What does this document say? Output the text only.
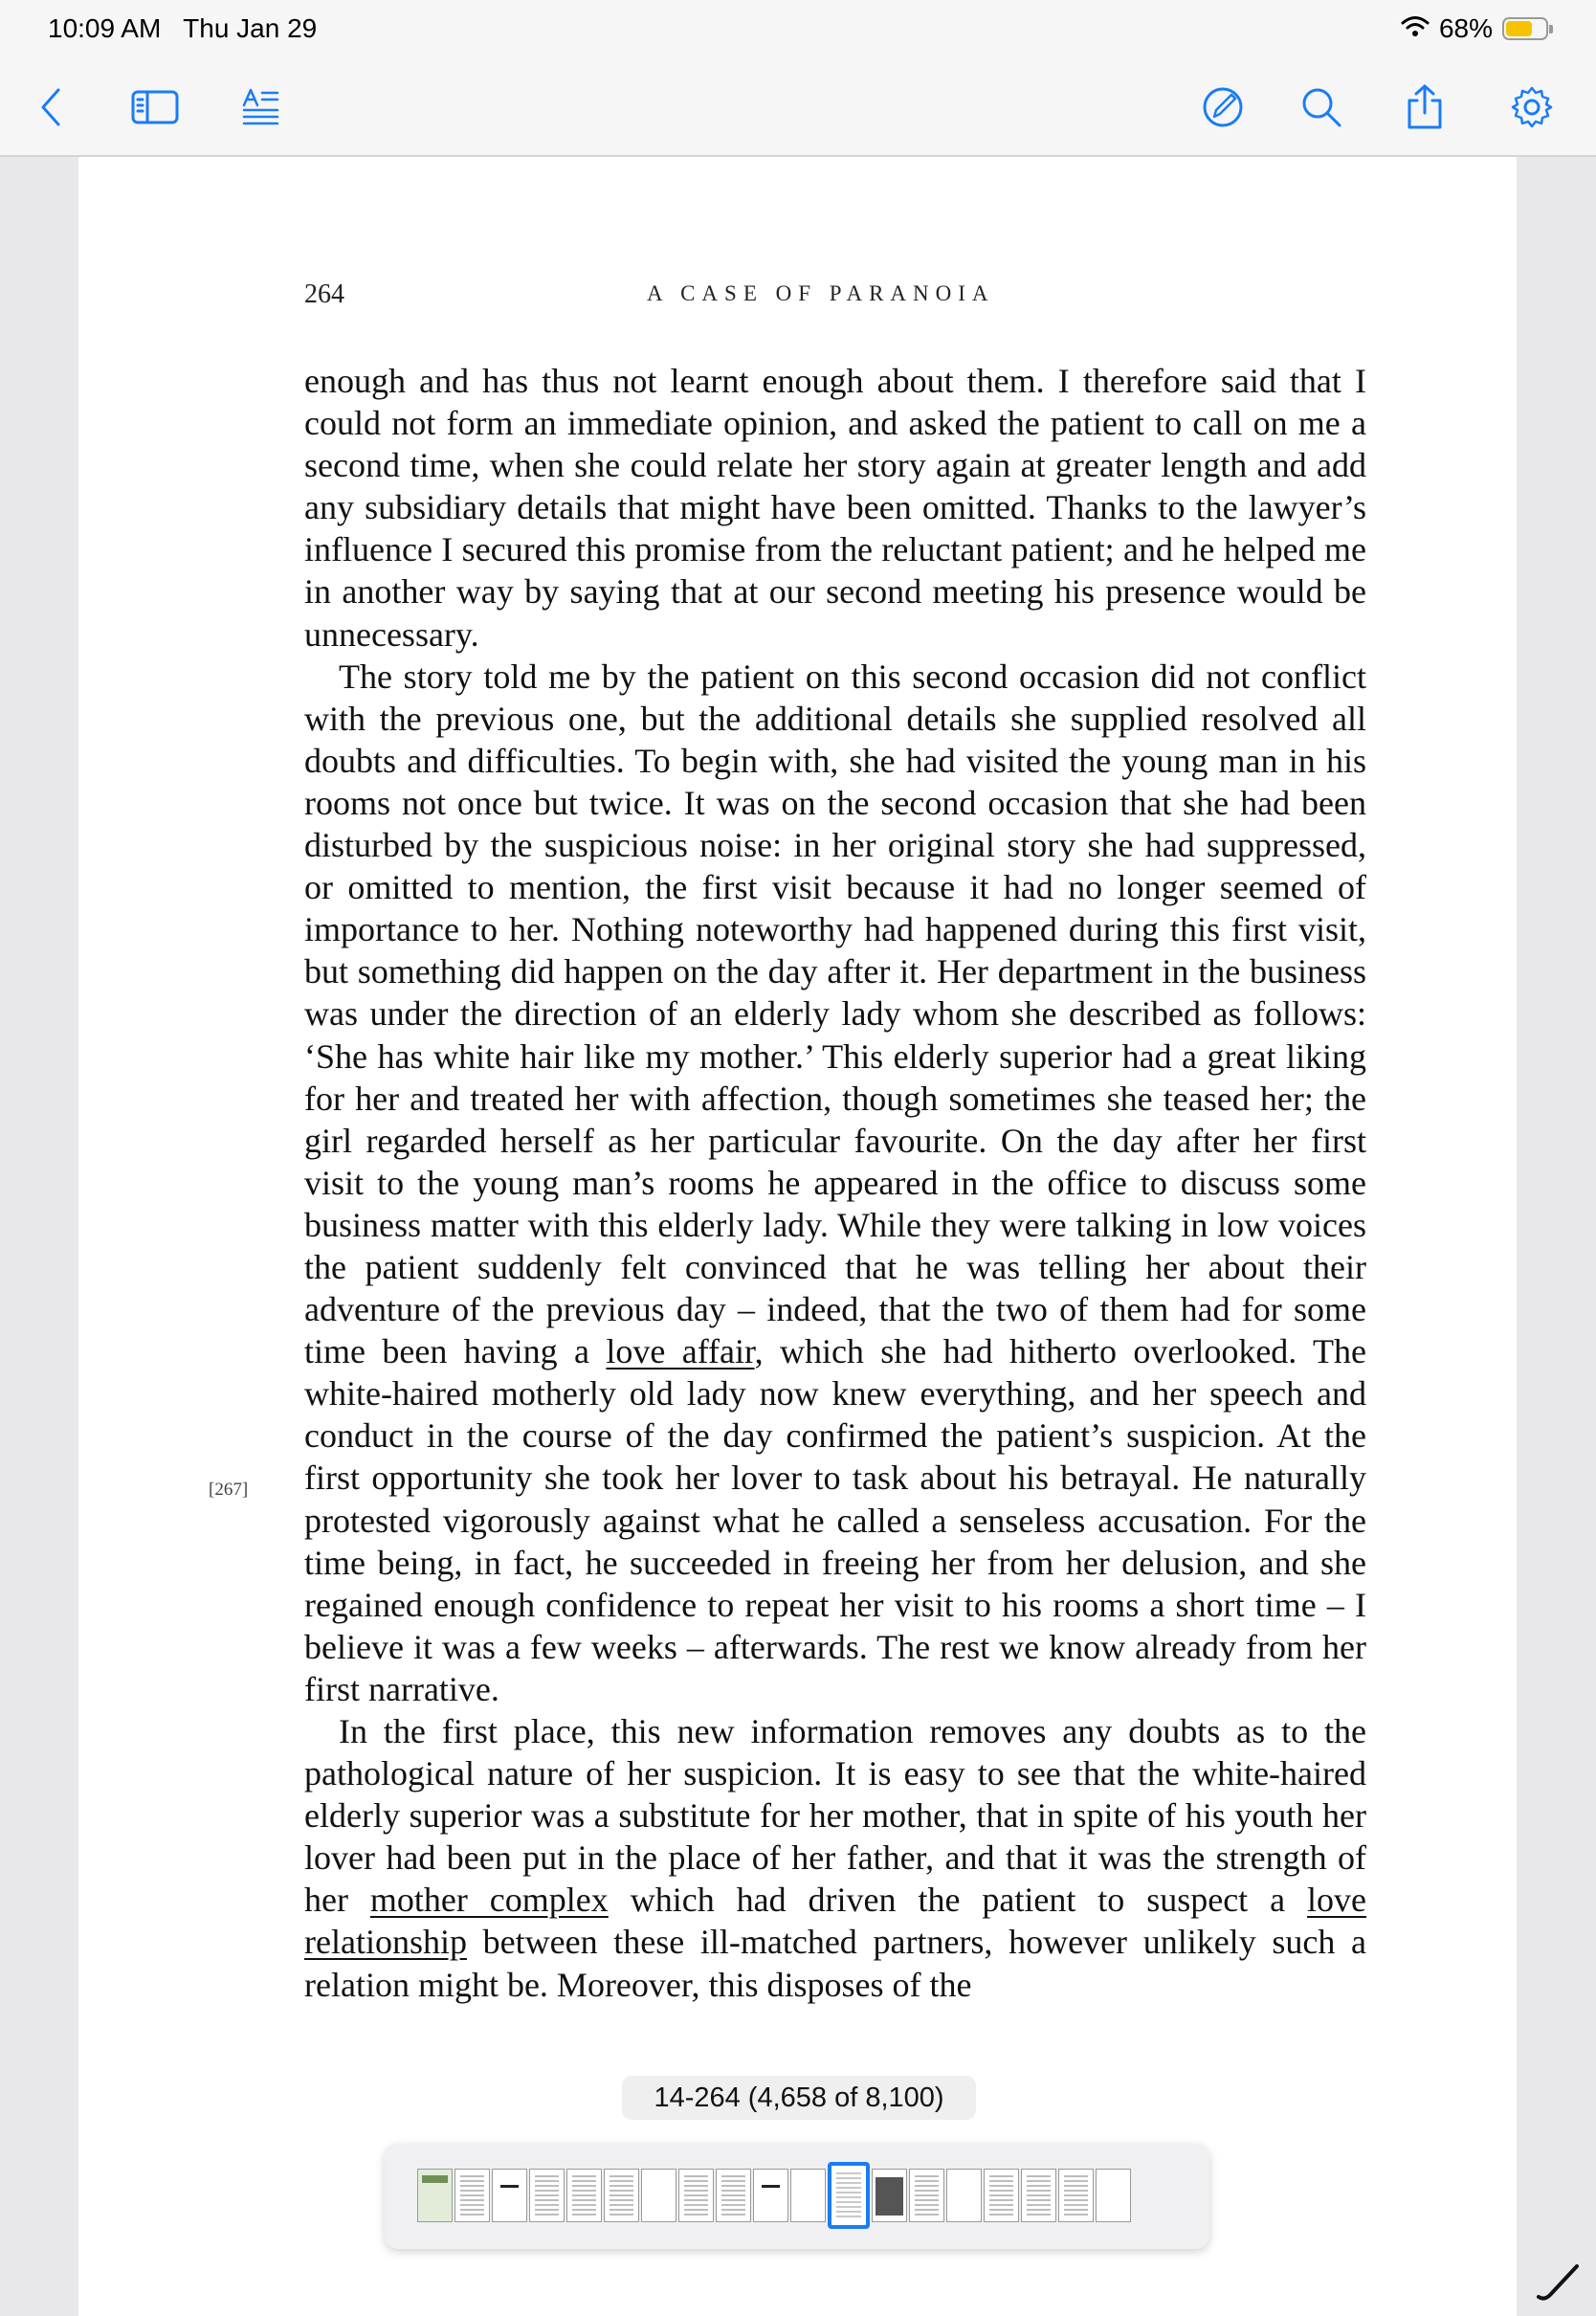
10:09 AM Thu Jan 29	68%
264	A CASE OF PARANOIA
[267]

enough and has thus not learnt enough about them. I therefore said that I could not form an immediate opinion, and asked the patient to call on me a second time, when she could relate her story again at greater length and add any subsidiary details that might have been omitted. Thanks to the lawyer’s influence I secured this promise from the reluctant patient; and he helped me in another way by saying that at our second meeting his presence would be unnecessary.

The story told me by the patient on this second occasion did not conflict with the previous one, but the additional details she supplied resolved all doubts and difficulties. To begin with, she had visited the young man in his rooms not once but twice. It was on the second occasion that she had been disturbed by the suspicious noise: in her original story she had suppressed, or omitted to mention, the first visit because it had no longer seemed of importance to her. Nothing noteworthy had happened during this first visit, but something did happen on the day after it. Her department in the business was under the direction of an elderly lady whom she described as follows: ‘She has white hair like my mother.’ This elderly superior had a great liking for her and treated her with affection, though sometimes she teased her; the girl regarded herself as her particular favourite. On the day after her first visit to the young man’s rooms he appeared in the office to discuss some business matter with this elderly lady. While they were talking in low voices the patient suddenly felt convinced that he was telling her about their adventure of the previous day – indeed, that the two of them had for some time been having a love affair, which she had hitherto overlooked. The white-haired motherly old lady now knew everything, and her speech and conduct in the course of the day confirmed the patient’s suspicion. At the first opportunity she took her lover to task about his betrayal. He naturally protested vigorously against what he called a senseless accusation. For the time being, in fact, he succeeded in freeing her from her delusion, and she regained enough confidence to repeat her visit to his rooms a short time – I believe it was a few weeks – afterwards. The rest we know already from her first narrative.

In the first place, this new information removes any doubts as to the pathological nature of her suspicion. It is easy to see that the white-haired elderly superior was a substitute for her mother, that in spite of his youth her lover had been put in the place of her father, and that it was the strength of her mother complex which had driven the patient to suspect a love relationship between these ill-matched partners, however unlikely such a relation might be. Moreover, this disposes of the

14-264 (4,658 of 8,100)
